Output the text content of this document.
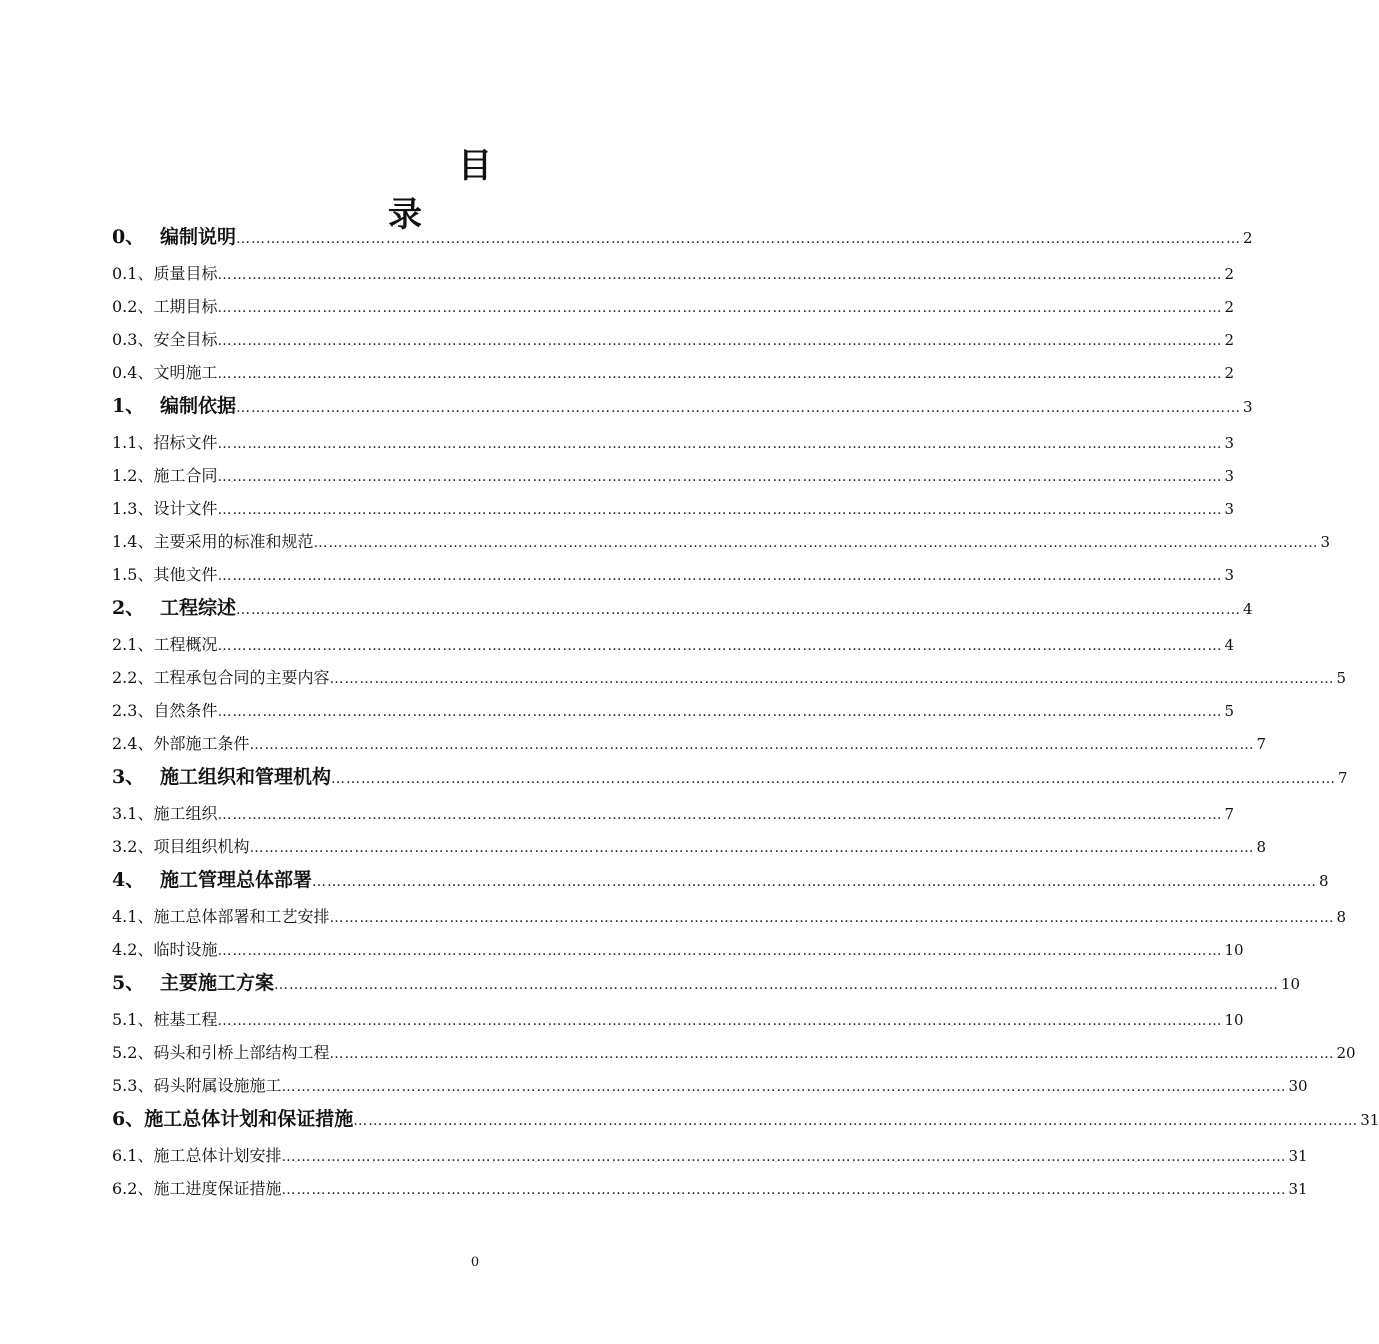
目　　　录
0、 编制说明 …………………………………………………………………………………………………………………………………………………………………………………	2
0.1、 质量目标 …………………………………………………………………………………………………………………………………………………………………………………	2
0.2、 工期目标 …………………………………………………………………………………………………………………………………………………………………………………	2
0.3、 安全目标 …………………………………………………………………………………………………………………………………………………………………………………	2
0.4、 文明施工 …………………………………………………………………………………………………………………………………………………………………………………	2
1、 编制依据 …………………………………………………………………………………………………………………………………………………………………………………	3
1.1、 招标文件 …………………………………………………………………………………………………………………………………………………………………………………	3
1.2、 施工合同 …………………………………………………………………………………………………………………………………………………………………………………	3
1.3、 设计文件 …………………………………………………………………………………………………………………………………………………………………………………	3
1.4、 主要采用的标准和规范 …………………………………………………………………………………………………………………………………………………………………………………	3
1.5、 其他文件 …………………………………………………………………………………………………………………………………………………………………………………	3
2、 工程综述 …………………………………………………………………………………………………………………………………………………………………………………	4
2.1、 工程概况 …………………………………………………………………………………………………………………………………………………………………………………	4
2.2、 工程承包合同的主要内容 …………………………………………………………………………………………………………………………………………………………………………………	5
2.3、 自然条件 …………………………………………………………………………………………………………………………………………………………………………………	5
2.4、 外部施工条件 …………………………………………………………………………………………………………………………………………………………………………………	7
3、 施工组织和管理机构 …………………………………………………………………………………………………………………………………………………………………………………	7
3.1、 施工组织 …………………………………………………………………………………………………………………………………………………………………………………	7
3.2、 项目组织机构 …………………………………………………………………………………………………………………………………………………………………………………	8
4、 施工管理总体部署 …………………………………………………………………………………………………………………………………………………………………………………	8
4.1、 施工总体部署和工艺安排 …………………………………………………………………………………………………………………………………………………………………………………	8
4.2、 临时设施 …………………………………………………………………………………………………………………………………………………………………………………	10
5、 主要施工方案 …………………………………………………………………………………………………………………………………………………………………………………	10
5.1、 桩基工程 …………………………………………………………………………………………………………………………………………………………………………………	10
5.2、 码头和引桥上部结构工程 …………………………………………………………………………………………………………………………………………………………………………………	20
5.3、 码头附属设施施工 …………………………………………………………………………………………………………………………………………………………………………………	30
6、 施工总体计划和保证措施 …………………………………………………………………………………………………………………………………………………………………………………	31
6.1、 施工总体计划安排 …………………………………………………………………………………………………………………………………………………………………………………	31
6.2、 施工进度保证措施 …………………………………………………………………………………………………………………………………………………………………………………	31
0
